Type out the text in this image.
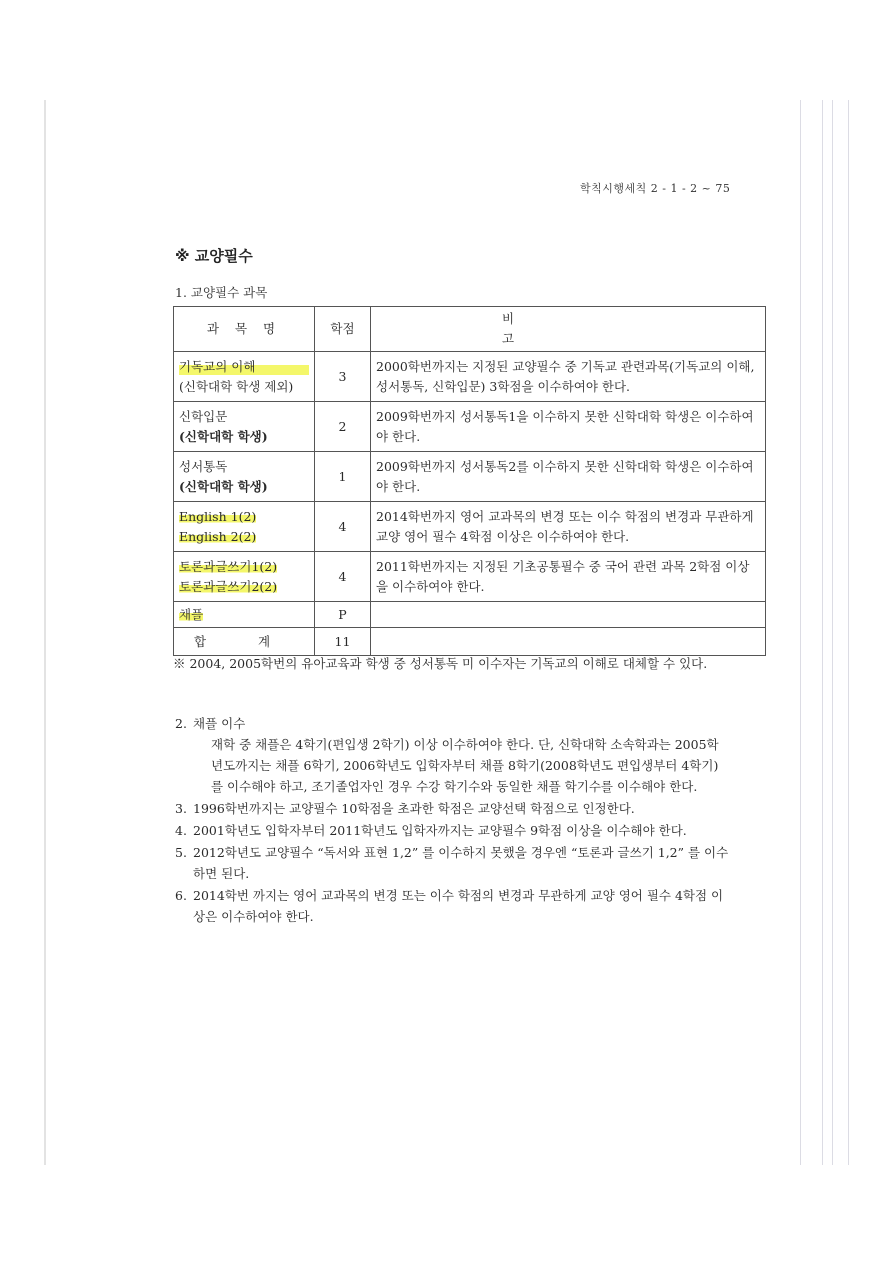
학칙시행세칙 2 - 1 - 2 ~ 75
※ 교양필수
1. 교양필수 과목
과 목 명	학점	비 고

기독교의 이해
(신학대학 학생 제외)	3	2000학번까지는 지정된 교양필수 중 기독교 관련과목(기독교의 이해, 성서통독, 신학입문) 3학점을 이수하여야 한다.

신학입문
(신학대학 학생)	2	2009학번까지 성서통독1을 이수하지 못한 신학대학 학생은 이수하여야 한다.

성서통독
(신학대학 학생)	1	2009학번까지 성서통독2를 이수하지 못한 신학대학 학생은 이수하여야 한다.

English 1(2)
English 2(2)	4	2014학번까지 영어 교과목의 변경 또는 이수 학점의 변경과 무관하게 교양 영어 필수 4학점 이상은 이수하여야 한다.

토론과글쓰기1(2)
토론과글쓰기2(2)	4	2011학번까지는 지정된 기초공통필수 중 국어 관련 과목 2학점 이상을 이수하여야 한다.
채플	P	
합 계	11	
※ 2004, 2005학번의 유아교육과 학생 중 성서통독 미 이수자는 기독교의 이해로 대체할 수 있다.
2. 채플 이수
재학 중 채플은 4학기(편입생 2학기) 이상 이수하여야 한다. 단, 신학대학 소속학과는 2005학년도까지는 채플 6학기, 2006학년도 입학자부터 채플 8학기(2008학년도 편입생부터 4학기)를 이수해야 하고, 조기졸업자인 경우 수강 학기수와 동일한 채플 학기수를 이수해야 한다.
3. 1996학번까지는 교양필수 10학점을 초과한 학점은 교양선택 학점으로 인정한다.
4. 2001학년도 입학자부터 2011학년도 입학자까지는 교양필수 9학점 이상을 이수해야 한다.
5. 2012학년도 교양필수 “독서와 표현 1,2” 를 이수하지 못했을 경우엔 “토론과 글쓰기 1,2” 를 이수하면 된다.
6. 2014학번 까지는 영어 교과목의 변경 또는 이수 학점의 변경과 무관하게 교양 영어 필수 4학점 이상은 이수하여야 한다.
